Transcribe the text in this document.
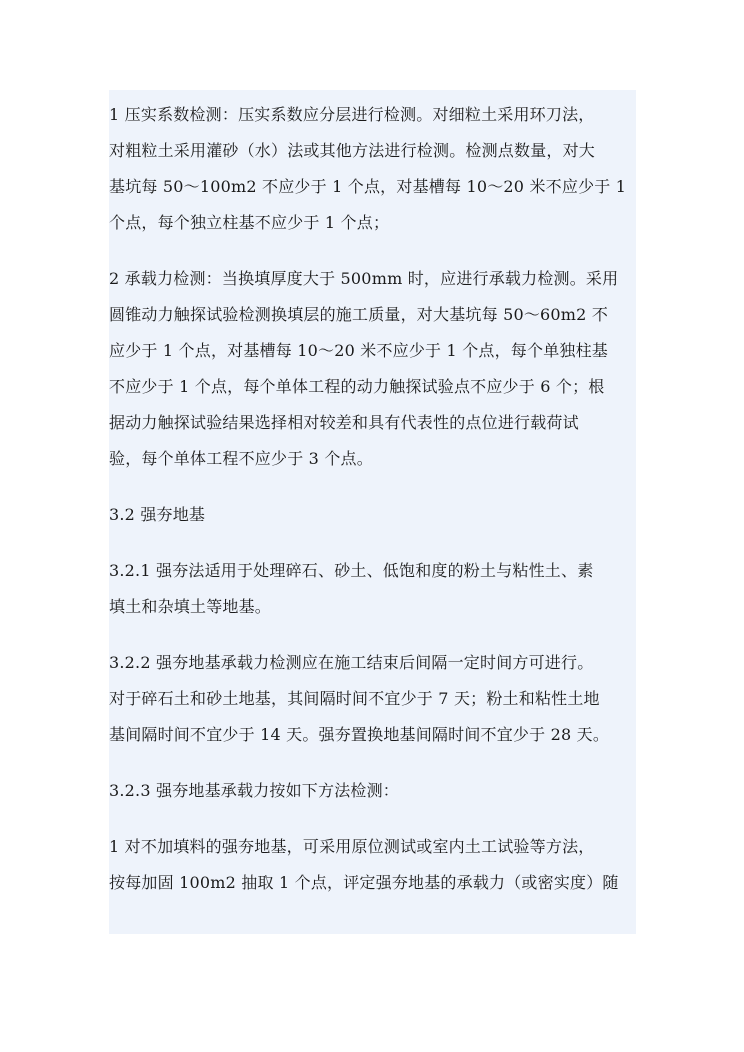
1 压实系数检测：压实系数应分层进行检测。对细粒土采用环刀法，
对粗粒土采用灌砂（水）法或其他方法进行检测。检测点数量，对大
基坑每 50～100m2 不应少于 1 个点，对基槽每 10～20 米不应少于 1
个点，每个独立柱基不应少于 1 个点；
2 承载力检测：当换填厚度大于 500mm 时，应进行承载力检测。采用
圆锥动力触探试验检测换填层的施工质量，对大基坑每 50～60m2 不
应少于 1 个点，对基槽每 10～20 米不应少于 1 个点，每个单独柱基
不应少于 1 个点，每个单体工程的动力触探试验点不应少于 6 个；根
据动力触探试验结果选择相对较差和具有代表性的点位进行载荷试
验，每个单体工程不应少于 3 个点。
3.2 强夯地基
3.2.1 强夯法适用于处理碎石、砂土、低饱和度的粉土与粘性土、素
填土和杂填土等地基。
3.2.2 强夯地基承载力检测应在施工结束后间隔一定时间方可进行。
对于碎石土和砂土地基，其间隔时间不宜少于 7 天；粉土和粘性土地
基间隔时间不宜少于 14 天。强夯置换地基间隔时间不宜少于 28 天。
3.2.3 强夯地基承载力按如下方法检测：
1 对不加填料的强夯地基，可采用原位测试或室内土工试验等方法，
按每加固 100m2 抽取 1 个点，评定强夯地基的承载力（或密实度）随
